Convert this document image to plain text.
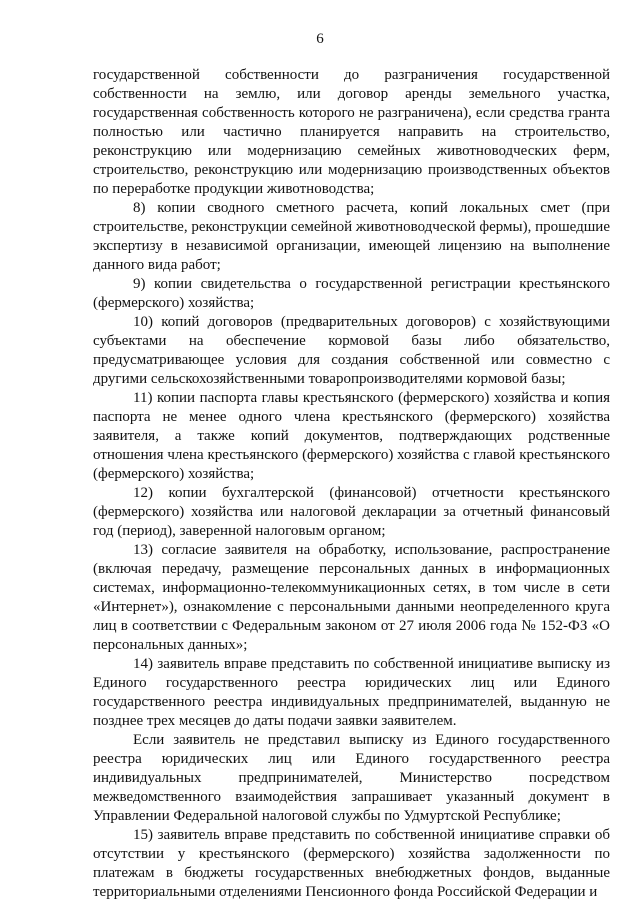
6

государственной собственности до разграничения государственной собственности на землю, или договор аренды земельного участка, государственная собственность которого не разграничена), если средства гранта полностью или частично планируется направить на строительство, реконструкцию или модернизацию семейных животноводческих ферм, строительство, реконструкцию или модернизацию производственных объектов по переработке продукции животноводства;

8) копии сводного сметного расчета, копий локальных смет (при строительстве, реконструкции семейной животноводческой фермы), прошедшие экспертизу в независимой организации, имеющей лицензию на выполнение данного вида работ;

9) копии свидетельства о государственной регистрации крестьянского (фермерского) хозяйства;

10) копий договоров (предварительных договоров) с хозяйствующими субъектами на обеспечение кормовой базы либо обязательство, предусматривающее условия для создания собственной или совместно с другими сельскохозяйственными товаропроизводителями кормовой базы;

11) копии паспорта главы крестьянского (фермерского) хозяйства и копия паспорта не менее одного члена крестьянского (фермерского) хозяйства заявителя, а также копий документов, подтверждающих родственные отношения члена крестьянского (фермерского) хозяйства с главой крестьянского (фермерского) хозяйства;

12) копии бухгалтерской (финансовой) отчетности крестьянского (фермерского) хозяйства или налоговой декларации за отчетный финансовый год (период), заверенной налоговым органом;

13) согласие заявителя на обработку, использование, распространение (включая передачу, размещение персональных данных в информационных системах, информационно-телекоммуникационных сетях, в том числе в сети «Интернет»), ознакомление с персональными данными неопределенного круга лиц в соответствии с Федеральным законом от 27 июля 2006 года № 152-ФЗ «О персональных данных»;

14) заявитель вправе представить по собственной инициативе выписку из Единого государственного реестра юридических лиц или Единого государственного реестра индивидуальных предпринимателей, выданную не позднее трех месяцев до даты подачи заявки заявителем.

Если заявитель не представил выписку из Единого государственного реестра юридических лиц или Единого государственного реестра индивидуальных предпринимателей, Министерство посредством межведомственного взаимодействия запрашивает указанный документ в Управлении Федеральной налоговой службы по Удмуртской Республике;

15) заявитель вправе представить по собственной инициативе справки об отсутствии у крестьянского (фермерского) хозяйства задолженности по платежам в бюджеты государственных внебюджетных фондов, выданные территориальными отделениями Пенсионного фонда Российской Федерации и
